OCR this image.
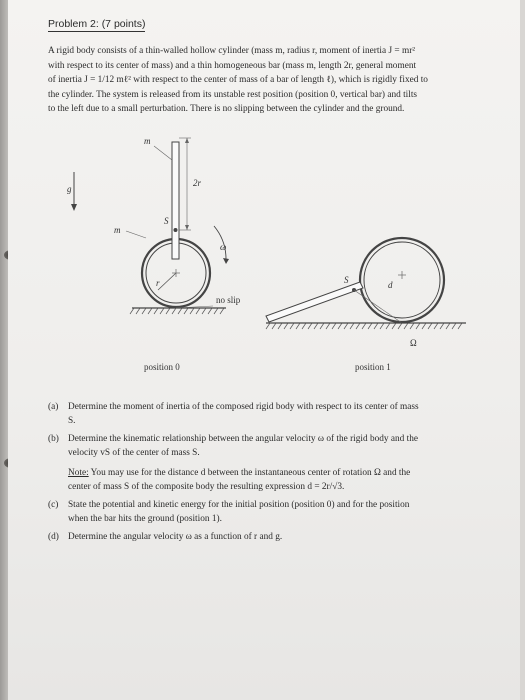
Problem 2: (7 points)

A rigid body consists of a thin-walled hollow cylinder (mass m, radius r, moment of inertia J = mr²

with respect to its center of mass) and a thin homogeneous bar (mass m, length 2r, general moment

of inertia J = 1/12 mℓ² with respect to the center of mass of a bar of length ℓ), which is rigidly fixed to

the cylinder. The system is released from its unstable rest position (position 0, vertical bar) and tilts

to the left due to a small perturbation. There is no slipping between the cylinder and the ground.

g
m
2r
S
m
ω
r
no slip
S	d
Ω
position 0	position 1
(a) Determine the moment of inertia of the composed rigid body with respect to its center of mass
S.
(b) Determine the kinematic relationship between the angular velocity ω of the rigid body and the
velocity vS of the center of mass S.
Note: You may use for the distance d between the instantaneous center of rotation Ω and the
center of mass S of the composite body the resulting expression d = 2r/√3.
(c) State the potential and kinetic energy for the initial position (position 0) and for the position
when the bar hits the ground (position 1).
(d) Determine the angular velocity ω as a function of r and g.
